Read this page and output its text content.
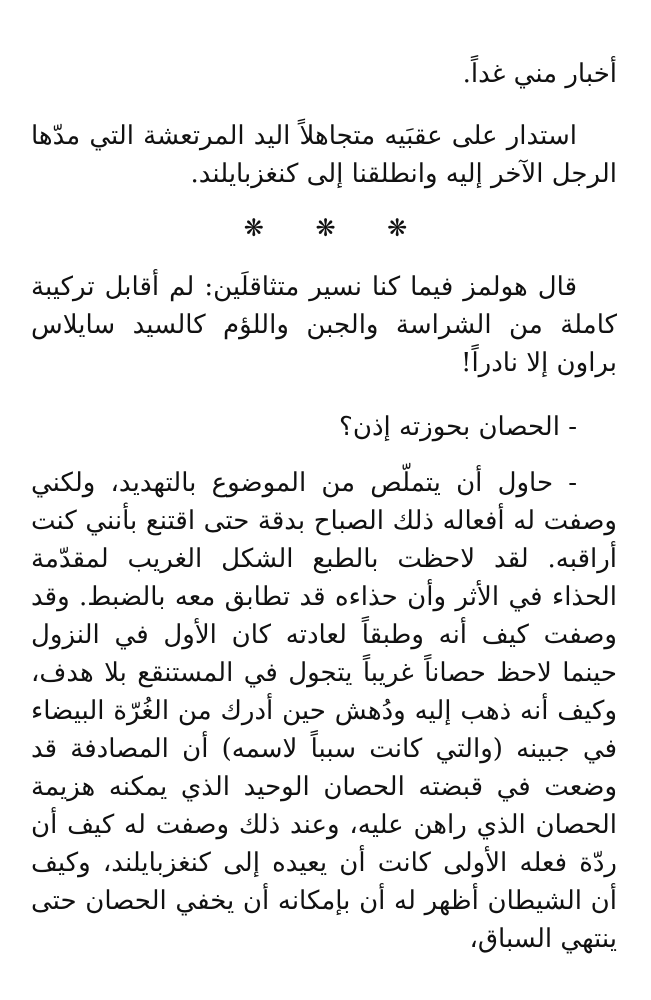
أخبار مني غداً.

استدار على عقبَيه متجاهلاً اليد المرتعشة التي مدّها الرجل الآخر إليه وانطلقنا إلى كنغزبايلند.

❋ ❋ ❋

قال هولمز فيما كنا نسير متثاقلَين: لم أقابل تركيبة كاملة من الشراسة والجبن واللؤم كالسيد سايلاس براون إلا نادراً!

- الحصان بحوزته إذن؟

- حاول أن يتملّص من الموضوع بالتهديد، ولكني وصفت له أفعاله ذلك الصباح بدقة حتى اقتنع بأنني كنت أراقبه. لقد لاحظت بالطبع الشكل الغريب لمقدّمة الحذاء في الأثر وأن حذاءه قد تطابق معه بالضبط. وقد وصفت كيف أنه وطبقاً لعادته كان الأول في النزول حينما لاحظ حصاناً غريباً يتجول في المستنقع بلا هدف، وكيف أنه ذهب إليه ودُهش حين أدرك من الغُرّة البيضاء في جبينه (والتي كانت سبباً لاسمه) أن المصادفة قد وضعت في قبضته الحصان الوحيد الذي يمكنه هزيمة الحصان الذي راهن عليه، وعند ذلك وصفت له كيف أن ردّة فعله الأولى كانت أن يعيده إلى كنغزبايلند، وكيف أن الشيطان أظهر له أن بإمكانه أن يخفي الحصان حتى ينتهي السباق،
